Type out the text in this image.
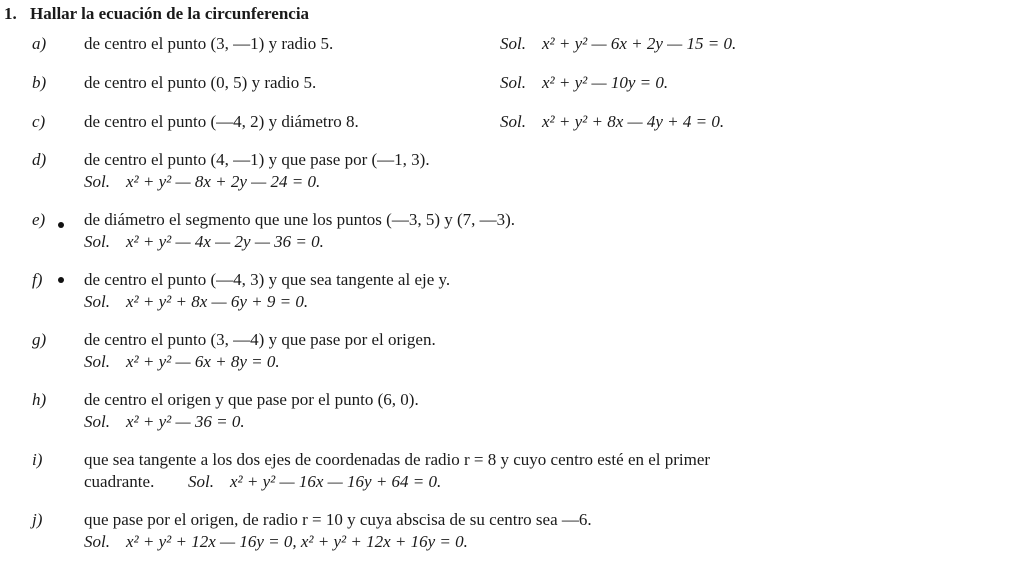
1. Hallar la ecuación de la circunferencia
a) de centro el punto (3, —1) y radio 5.	Sol. x² + y² — 6x + 2y — 15 = 0.
b) de centro el punto (0, 5) y radio 5.	Sol. x² + y² — 10y = 0.
c) de centro el punto (—4, 2) y diámetro 8.	Sol. x² + y² + 8x — 4y + 4 = 0.
d) de centro el punto (4, —1) y que pase por (—1, 3).
Sol. x² + y² — 8x + 2y — 24 = 0.
e) de diámetro el segmento que une los puntos (—3, 5) y (7, —3).
Sol. x² + y² — 4x — 2y — 36 = 0.
f) de centro el punto (—4, 3) y que sea tangente al eje y.
Sol. x² + y² + 8x — 6y + 9 = 0.
g) de centro el punto (3, —4) y que pase por el origen.
Sol. x² + y² — 6x + 8y = 0.
h) de centro el origen y que pase por el punto (6, 0).
Sol. x² + y² — 36 = 0.
i) que sea tangente a los dos ejes de coordenadas de radio r = 8 y cuyo centro esté en el primer
cuadrante. Sol. x² + y² — 16x — 16y + 64 = 0.
j) que pase por el origen, de radio r = 10 y cuya abscisa de su centro sea —6.
Sol. x² + y² + 12x — 16y = 0, x² + y² + 12x + 16y = 0.
